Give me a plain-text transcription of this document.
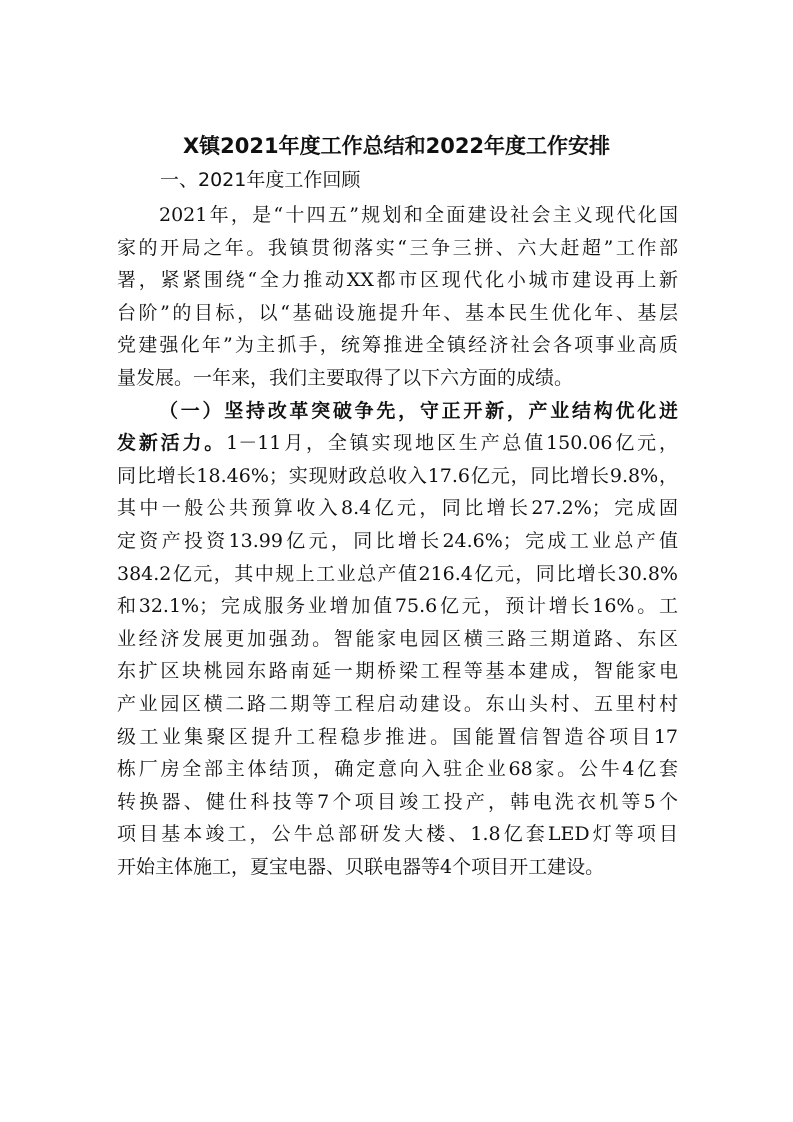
X镇2021年度工作总结和2022年度工作安排
一、2021年度工作回顾
2021年，是“十四五”规划和全面建设社会主义现代化国
家的开局之年。我镇贯彻落实“三争三拼、六大赶超”工作部
署，紧紧围绕“全力推动XX都市区现代化小城市建设再上新
台阶”的目标，以“基础设施提升年、基本民生优化年、基层
党建强化年”为主抓手，统筹推进全镇经济社会各项事业高质
量发展。一年来，我们主要取得了以下六方面的成绩。
（一）坚持改革突破争先，守正开新，产业结构优化迸
发新活力。1－11月，全镇实现地区生产总值150.06亿元，
同比增长18.46%；实现财政总收入17.6亿元，同比增长9.8%，
其中一般公共预算收入8.4亿元，同比增长27.2%；完成固
定资产投资13.99亿元，同比增长24.6%；完成工业总产值
384.2亿元，其中规上工业总产值216.4亿元，同比增长30.8%
和32.1%；完成服务业增加值75.6亿元，预计增长16%。工
业经济发展更加强劲。智能家电园区横三路三期道路、东区
东扩区块桃园东路南延一期桥梁工程等基本建成，智能家电
产业园区横二路二期等工程启动建设。东山头村、五里村村
级工业集聚区提升工程稳步推进。国能置信智造谷项目17
栋厂房全部主体结顶，确定意向入驻企业68家。公牛4亿套
转换器、健仕科技等7个项目竣工投产，韩电洗衣机等5个
项目基本竣工，公牛总部研发大楼、1.8亿套LED灯等项目
开始主体施工，夏宝电器、贝联电器等4个项目开工建设。
